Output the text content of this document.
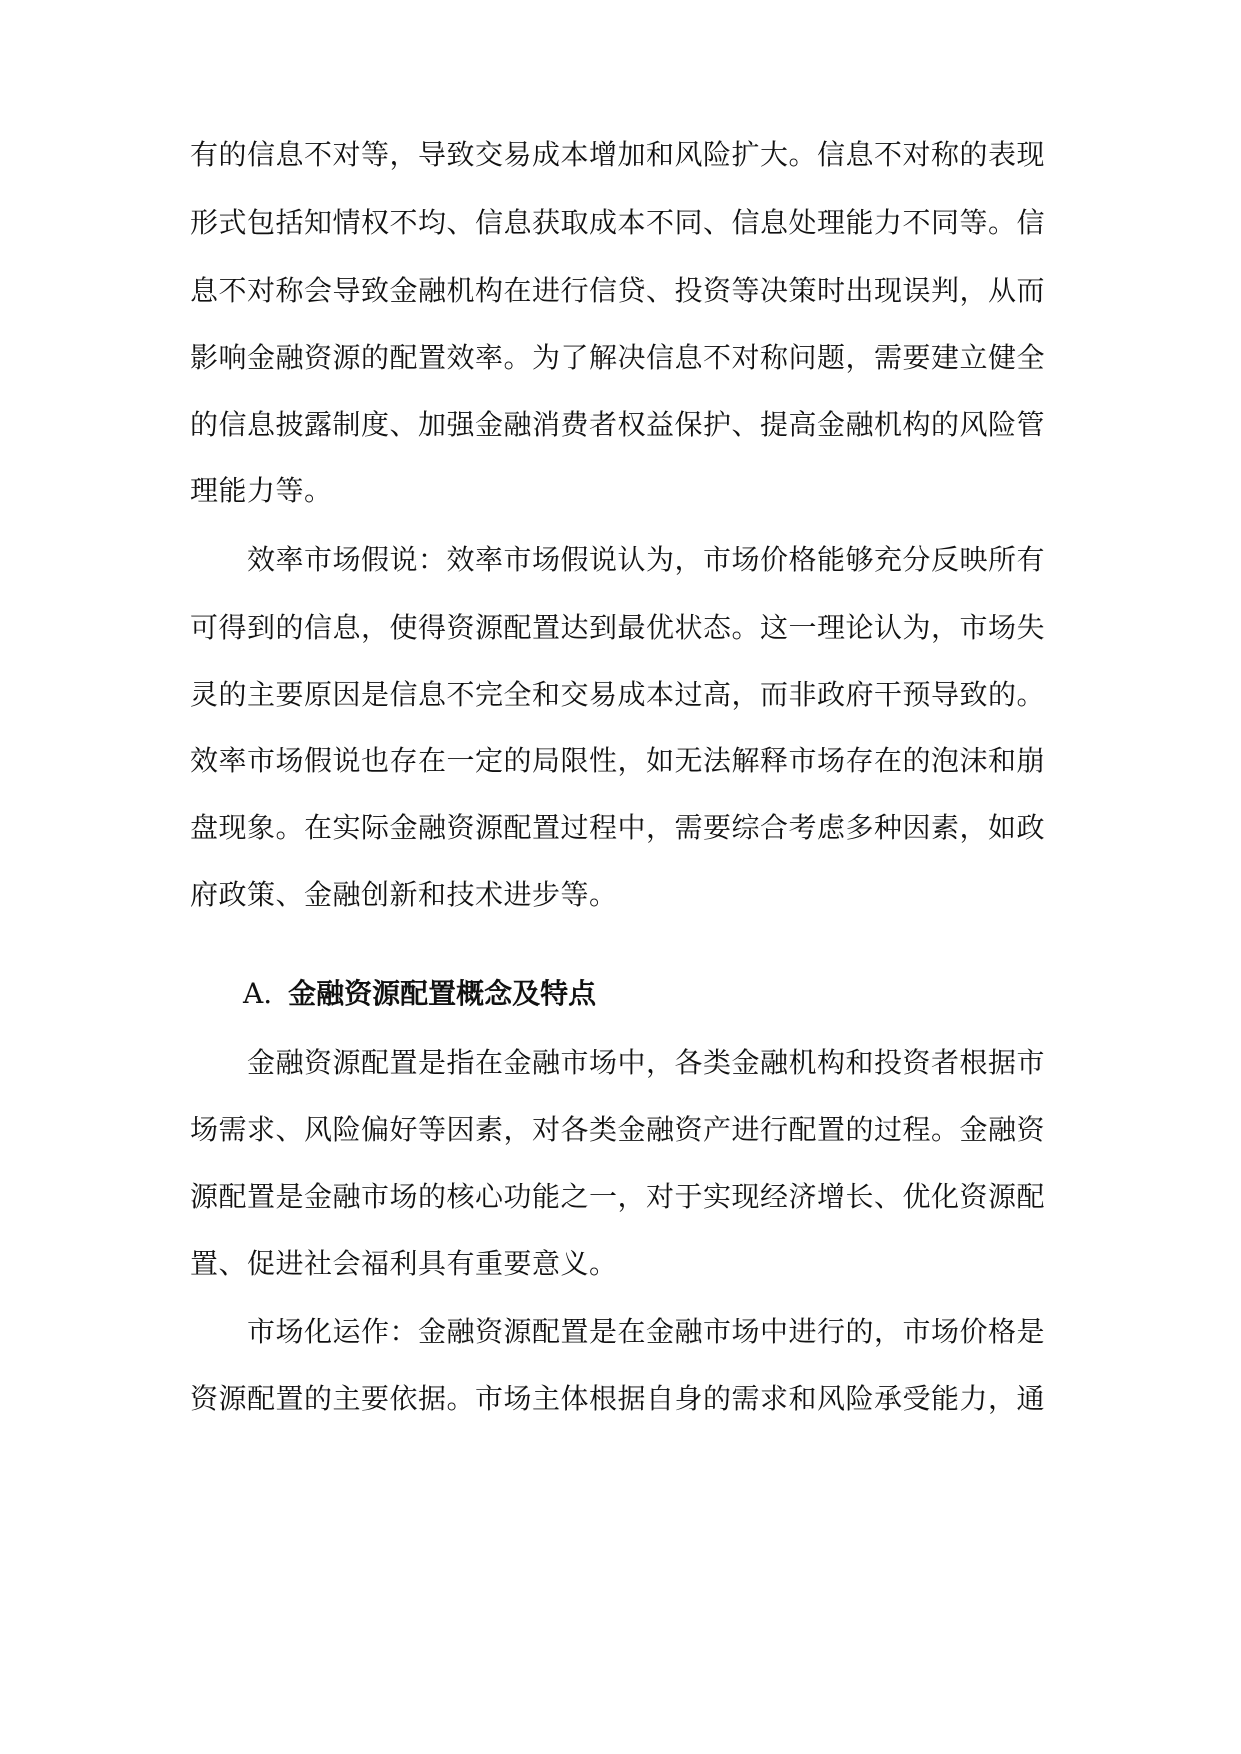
有的信息不对等，导致交易成本增加和风险扩大。信息不对称的表现
形式包括知情权不均、信息获取成本不同、信息处理能力不同等。信
息不对称会导致金融机构在进行信贷、投资等决策时出现误判，从而
影响金融资源的配置效率。为了解决信息不对称问题，需要建立健全
的信息披露制度、加强金融消费者权益保护、提高金融机构的风险管
理能力等。
效率市场假说：效率市场假说认为，市场价格能够充分反映所有
可得到的信息，使得资源配置达到最优状态。这一理论认为，市场失
灵的主要原因是信息不完全和交易成本过高，而非政府干预导致的。
效率市场假说也存在一定的局限性，如无法解释市场存在的泡沫和崩
盘现象。在实际金融资源配置过程中，需要综合考虑多种因素，如政
府政策、金融创新和技术进步等。
A. 金融资源配置概念及特点
金融资源配置是指在金融市场中，各类金融机构和投资者根据市
场需求、风险偏好等因素，对各类金融资产进行配置的过程。金融资
源配置是金融市场的核心功能之一，对于实现经济增长、优化资源配
置、促进社会福利具有重要意义。
市场化运作：金融资源配置是在金融市场中进行的，市场价格是
资源配置的主要依据。市场主体根据自身的需求和风险承受能力，通
